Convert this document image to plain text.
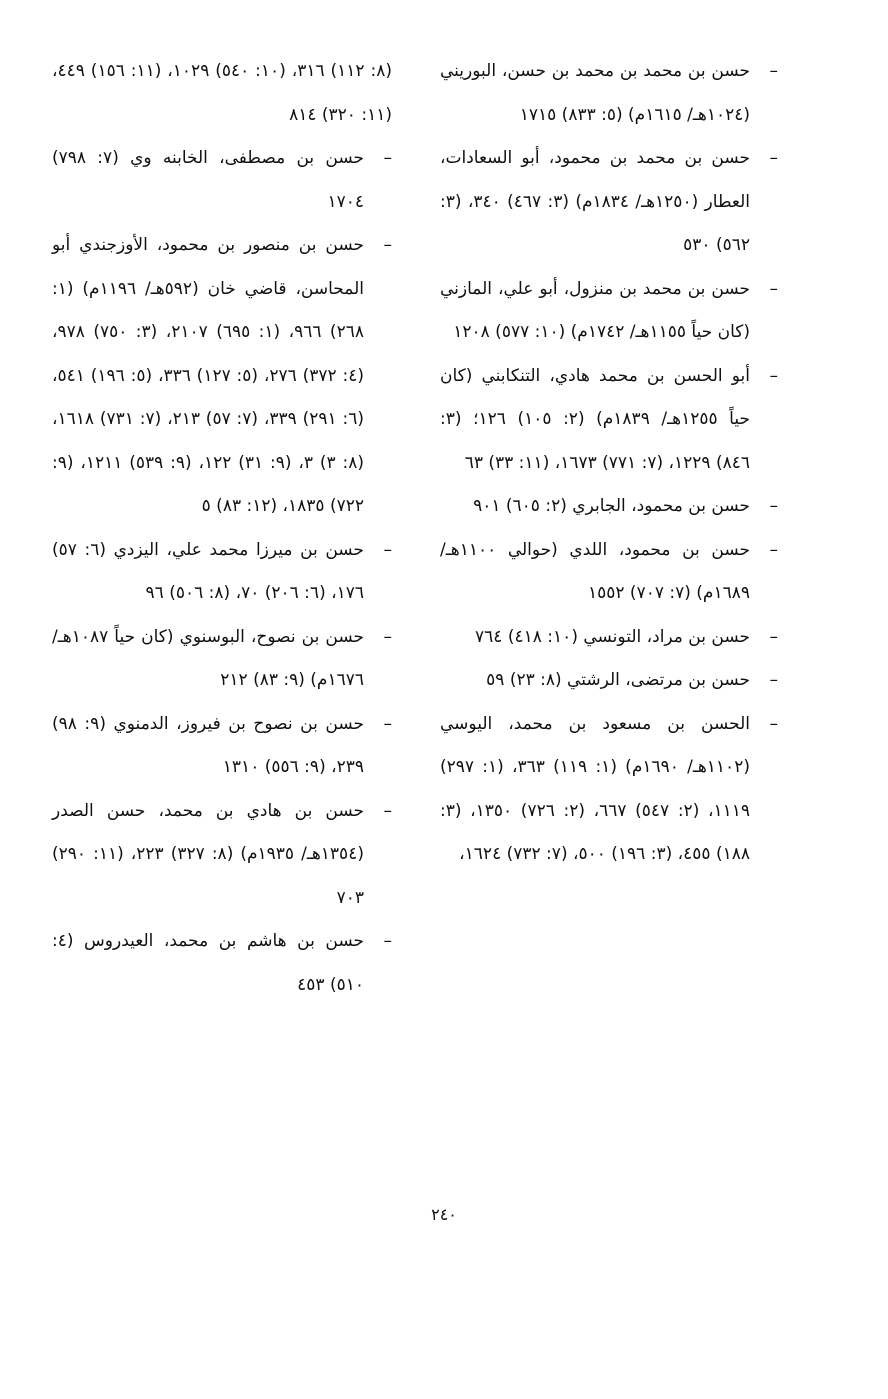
– حسن بن محمد بن محمد بن حسن، البوريني (١٠٢٤هـ/ ١٦١٥م) (٥: ٨٣٣) ١٧١٥

– حسن بن محمد بن محمود، أبو السعادات، العطار (١٢٥٠هـ/ ١٨٣٤م) (٣: ٤٦٧) ٣٤٠، (٣: ٥٦٢) ٥٣٠

– حسن بن محمد بن منزول، أبو علي، المازني (كان حياً ١١٥٥هـ/ ١٧٤٢م) (١٠: ٥٧٧) ١٢٠٨

– أبو الحسن بن محمد هادي، التنكابني (كان حياً ١٢٥٥هـ/ ١٨٣٩م) (٢: ١٠٥) ١٢٦؛ (٣: ٨٤٦) ١٢٢٩، (٧: ٧٧١) ١٦٧٣، (١١: ٣٣) ٦٣

– حسن بن محمود، الجابري (٢: ٦٠٥) ٩٠١

– حسن بن محمود، اللدي (حوالي ١١٠٠هـ/ ١٦٨٩م) (٧: ٧٠٧) ١٥٥٢

– حسن بن مراد، التونسي (١٠: ٤١٨) ٧٦٤

– حسن بن مرتضى، الرشتي (٨: ٢٣) ٥٩

– الحسن بن مسعود بن محمد، اليوسي (١١٠٢هـ/ ١٦٩٠م) (١: ١١٩) ٣٦٣، (١: ٢٩٧) ١١١٩، (٢: ٥٤٧) ٦٦٧، (٢: ٧٢٦) ١٣٥٠، (٣: ١٨٨) ٤٥٥، (٣: ١٩٦) ٥٠٠، (٧: ٧٣٢) ١٦٢٤،

(٨: ١١٢) ٣١٦، (١٠: ٥٤٠) ١٠٢٩، (١١: ١٥٦) ٤٤٩، (١١: ٣٢٠) ٨١٤

– حسن بن مصطفى، الخابنه وي (٧: ٧٩٨) ١٧٠٤

– حسن بن منصور بن محمود، الأوزجندي أبو المحاسن، قاضي خان (٥٩٢هـ/ ١١٩٦م) (١: ٢٦٨) ٩٦٦، (١: ٦٩٥) ٢١٠٧، (٣: ٧٥٠) ٩٧٨، (٤: ٣٧٢) ٢٧٦، (٥: ١٢٧) ٣٣٦، (٥: ١٩٦) ٥٤١، (٦: ٢٩١) ٣٣٩، (٧: ٥٧) ٢١٣، (٧: ٧٣١) ١٦١٨، (٨: ٣) ٣، (٩: ٣١) ١٢٢، (٩: ٥٣٩) ١٢١١، (٩: ٧٢٢) ١٨٣٥، (١٢: ٨٣) ٥

– حسن بن ميرزا محمد علي، اليزدي (٦: ٥٧) ١٧٦، (٦: ٢٠٦) ٧٠، (٨: ٥٠٦) ٩٦

– حسن بن نصوح، البوسنوي (كان حياً ١٠٨٧هـ/ ١٦٧٦م) (٩: ٨٣) ٢١٢

– حسن بن نصوح بن فيروز، الدمنوي (٩: ٩٨) ٢٣٩، (٩: ٥٥٦) ١٣١٠

– حسن بن هادي بن محمد، حسن الصدر (١٣٥٤هـ/ ١٩٣٥م) (٨: ٣٢٧) ٢٢٣، (١١: ٢٩٠) ٧٠٣

– حسن بن هاشم بن محمد، العيدروس (٤: ٥١٠) ٤٥٣

٢٤٠
